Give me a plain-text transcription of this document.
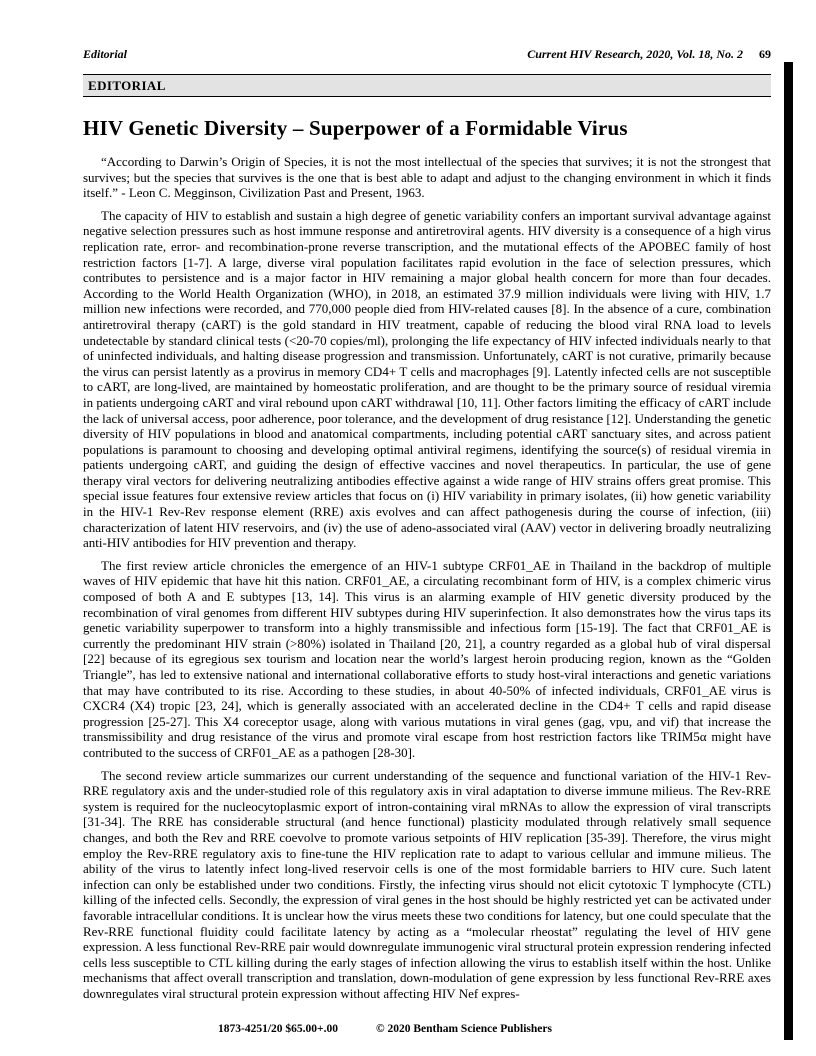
Editorial	Current HIV Research, 2020, Vol. 18, No. 2 69
EDITORIAL
HIV Genetic Diversity – Superpower of a Formidable Virus

“According to Darwin’s Origin of Species, it is not the most intellectual of the species that survives; it is not the strongest that survives; but the species that survives is the one that is best able to adapt and adjust to the changing environment in which it finds itself.” - Leon C. Megginson, Civilization Past and Present, 1963.

The capacity of HIV to establish and sustain a high degree of genetic variability confers an important survival advantage against negative selection pressures such as host immune response and antiretroviral agents. HIV diversity is a consequence of a high virus replication rate, error- and recombination-prone reverse transcription, and the mutational effects of the APOBEC family of host restriction factors [1-7]. A large, diverse viral population facilitates rapid evolution in the face of selection pressures, which contributes to persistence and is a major factor in HIV remaining a major global health concern for more than four decades. According to the World Health Organization (WHO), in 2018, an estimated 37.9 million individuals were living with HIV, 1.7 million new infections were recorded, and 770,000 people died from HIV-related causes [8]. In the absence of a cure, combination antiretroviral therapy (cART) is the gold standard in HIV treatment, capable of reducing the blood viral RNA load to levels undetectable by standard clinical tests (<20-70 copies/ml), prolonging the life expectancy of HIV infected individuals nearly to that of uninfected individuals, and halting disease progression and transmission. Unfortunately, cART is not curative, primarily because the virus can persist latently as a provirus in memory CD4+ T cells and macrophages [9]. Latently infected cells are not susceptible to cART, are long-lived, are maintained by homeostatic proliferation, and are thought to be the primary source of residual viremia in patients undergoing cART and viral rebound upon cART withdrawal [10, 11]. Other factors limiting the efficacy of cART include the lack of universal access, poor adherence, poor tolerance, and the development of drug resistance [12]. Understanding the genetic diversity of HIV populations in blood and anatomical compartments, including potential cART sanctuary sites, and across patient populations is paramount to choosing and developing optimal antiviral regimens, identifying the source(s) of residual viremia in patients undergoing cART, and guiding the design of effective vaccines and novel therapeutics. In particular, the use of gene therapy viral vectors for delivering neutralizing antibodies effective against a wide range of HIV strains offers great promise. This special issue features four extensive review articles that focus on (i) HIV variability in primary isolates, (ii) how genetic variability in the HIV-1 Rev-Rev response element (RRE) axis evolves and can affect pathogenesis during the course of infection, (iii) characterization of latent HIV reservoirs, and (iv) the use of adeno-associated viral (AAV) vector in delivering broadly neutralizing anti-HIV antibodies for HIV prevention and therapy.

The first review article chronicles the emergence of an HIV-1 subtype CRF01_AE in Thailand in the backdrop of multiple waves of HIV epidemic that have hit this nation. CRF01_AE, a circulating recombinant form of HIV, is a complex chimeric virus composed of both A and E subtypes [13, 14]. This virus is an alarming example of HIV genetic diversity produced by the recombination of viral genomes from different HIV subtypes during HIV superinfection. It also demonstrates how the virus taps its genetic variability superpower to transform into a highly transmissible and infectious form [15-19]. The fact that CRF01_AE is currently the predominant HIV strain (>80%) isolated in Thailand [20, 21], a country regarded as a global hub of viral dispersal [22] because of its egregious sex tourism and location near the world’s largest heroin producing region, known as the “Golden Triangle”, has led to extensive national and international collaborative efforts to study host-viral interactions and genetic variations that may have contributed to its rise. According to these studies, in about 40-50% of infected individuals, CRF01_AE virus is CXCR4 (X4) tropic [23, 24], which is generally associated with an accelerated decline in the CD4+ T cells and rapid disease progression [25-27]. This X4 coreceptor usage, along with various mutations in viral genes (gag, vpu, and vif) that increase the transmissibility and drug resistance of the virus and promote viral escape from host restriction factors like TRIM5α might have contributed to the success of CRF01_AE as a pathogen [28-30].

The second review article summarizes our current understanding of the sequence and functional variation of the HIV-1 Rev-RRE regulatory axis and the under-studied role of this regulatory axis in viral adaptation to diverse immune milieus. The Rev-RRE system is required for the nucleocytoplasmic export of intron-containing viral mRNAs to allow the expression of viral transcripts [31-34]. The RRE has considerable structural (and hence functional) plasticity modulated through relatively small sequence changes, and both the Rev and RRE coevolve to promote various setpoints of HIV replication [35-39]. Therefore, the virus might employ the Rev-RRE regulatory axis to fine-tune the HIV replication rate to adapt to various cellular and immune milieus. The ability of the virus to latently infect long-lived reservoir cells is one of the most formidable barriers to HIV cure. Such latent infection can only be established under two conditions. Firstly, the infecting virus should not elicit cytotoxic T lymphocyte (CTL) killing of the infected cells. Secondly, the expression of viral genes in the host should be highly restricted yet can be activated under favorable intracellular conditions. It is unclear how the virus meets these two conditions for latency, but one could speculate that the Rev-RRE functional fluidity could facilitate latency by acting as a “molecular rheostat” regulating the level of HIV gene expression. A less functional Rev-RRE pair would downregulate immunogenic viral structural protein expression rendering infected cells less susceptible to CTL killing during the early stages of infection allowing the virus to establish itself within the host. Unlike mechanisms that affect overall transcription and translation, down-modulation of gene expression by less functional Rev-RRE axes downregulates viral structural protein expression without affecting HIV Nef expres-

1873-4251/20 $65.00+.00	© 2020 Bentham Science Publishers
